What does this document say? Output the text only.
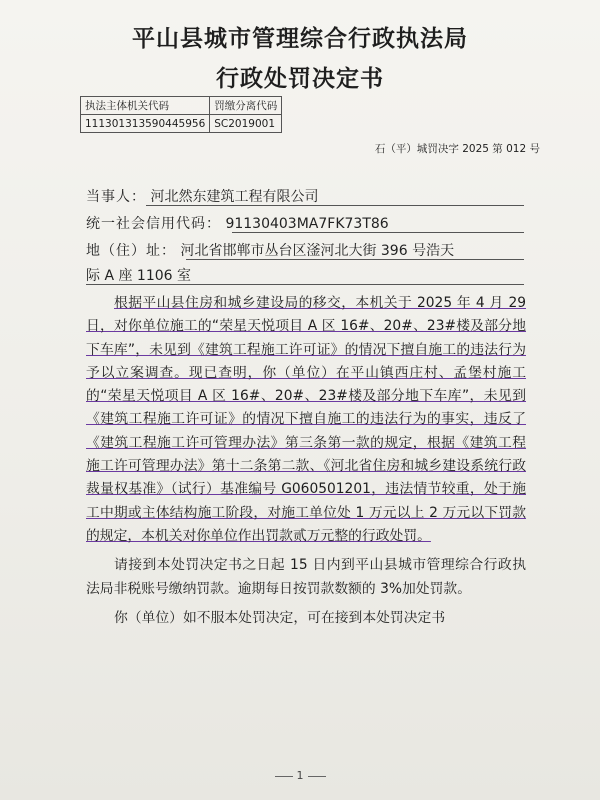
平山县城市管理综合行政执法局
行政处罚决定书
执法主体机关代码	罚缴分离代码
111301313590445956	SC2019001
石（平）城罚决字 2025 第 012 号
当事人： 河北然东建筑工程有限公司
统一社会信用代码： 91130403MA7FK73T86
地（住）址： 河北省邯郸市丛台区滏河北大街 396 号浩天
际 A 座 1106 室

根据平山县住房和城乡建设局的移交，本机关于 2025 年 4 月 29 日，对你单位施工的“荣星天悦项目 A 区 16#、20#、23#楼及部分地下车库”，未见到《建筑工程施工许可证》的情况下擅自施工的违法行为予以立案调查。现已查明，你（单位）在平山镇西庄村、孟堡村施工的“荣星天悦项目 A 区 16#、20#、23#楼及部分地下车库”，未见到《建筑工程施工许可证》的情况下擅自施工的违法行为的事实，违反了《建筑工程施工许可管理办法》第三条第一款的规定，根据《建筑工程施工许可管理办法》第十二条第二款、《河北省住房和城乡建设系统行政裁量权基准》（试行）基准编号 G060501201，违法情节较重，处于施工中期或主体结构施工阶段，对施工单位处 1 万元以上 2 万元以下罚款的规定，本机关对你单位作出罚款贰万元整的行政处罚。

请接到本处罚决定书之日起 15 日内到平山县城市管理综合行政执法局非税账号缴纳罚款。逾期每日按罚款数额的 3%加处罚款。

你（单位）如不服本处罚决定，可在接到本处罚决定书

1
